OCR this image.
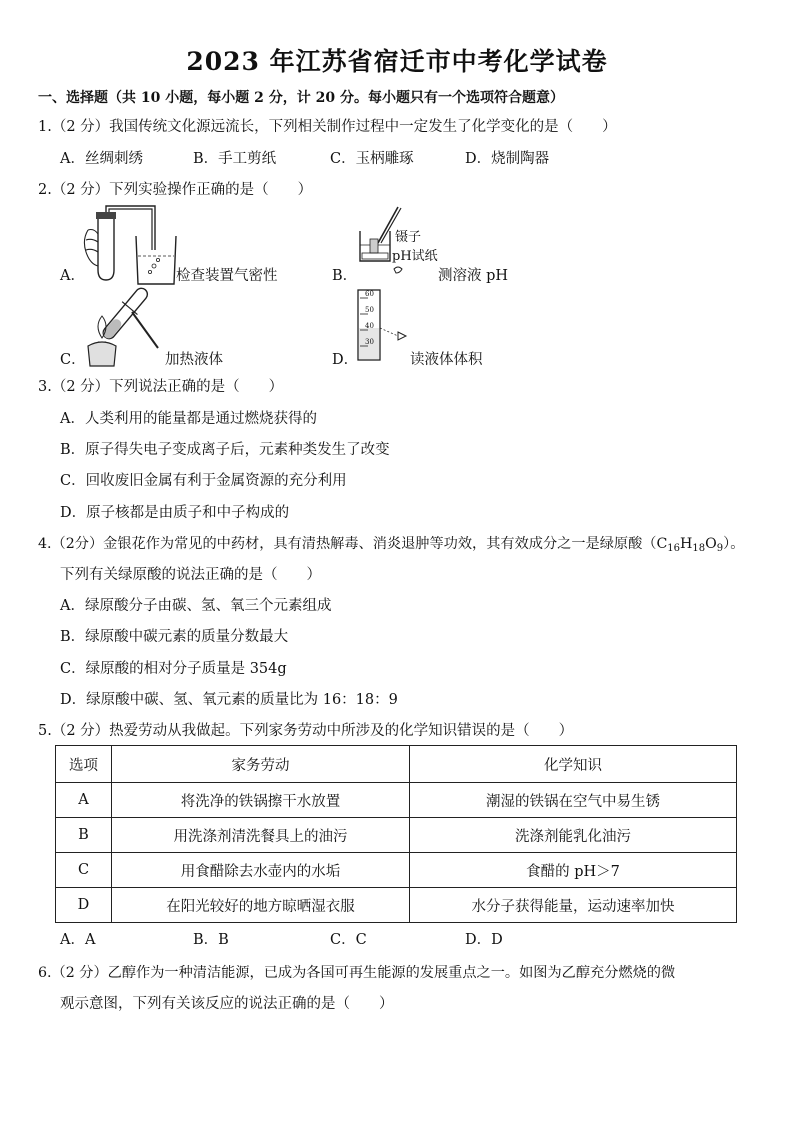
2023 年江苏省宿迁市中考化学试卷
一、选择题（共 10 小题，每小题 2 分，计 20 分。每小题只有一个选项符合题意）
1.（2 分）我国传统文化源远流长，下列相关制作过程中一定发生了化学变化的是（　　）
A．丝绸刺绣	B．手工剪纸	C．玉柄雕琢	D．烧制陶器
2.（2 分）下列实验操作正确的是（　　）
A．	检查装置气密性	B．
镊子
pH试纸
测溶液 pH
C．	加热液体	D．
60
50
40
30
读液体体积
3.（2 分）下列说法正确的是（　　）
A．人类利用的能量都是通过燃烧获得的
B．原子得失电子变成离子后，元素种类发生了改变
C．回收废旧金属有利于金属资源的充分利用
D．原子核都是由质子和中子构成的
4.（2分）金银花作为常见的中药材，具有清热解毒、消炎退肿等功效，其有效成分之一是绿原酸$(C_{16}H_{18}O_9)$。
下列有关绿原酸的说法正确的是（　　）
A．绿原酸分子由碳、氢、氧三个元素组成
B．绿原酸中碳元素的质量分数最大
C．绿原酸的相对分子质量是 354g
D．绿原酸中碳、氢、氧元素的质量比为 16：18：9
5.（2 分）热爱劳动从我做起。下列家务劳动中所涉及的化学知识错误的是（　　）
选项	家务劳动	化学知识
A	将洗净的铁锅擦干水放置	潮湿的铁锅在空气中易生锈
B	用洗涤剂清洗餐具上的油污	洗涤剂能乳化油污
C	用食醋除去水壶内的水垢	食醋的 pH＞7
D	在阳光较好的地方晾晒湿衣服	水分子获得能量，运动速率加快
A．A	B．B	C．C	D．D
6.（2 分）乙醇作为一种清洁能源，已成为各国可再生能源的发展重点之一。如图为乙醇充分燃烧的微
观示意图，下列有关该反应的说法正确的是（　　）
